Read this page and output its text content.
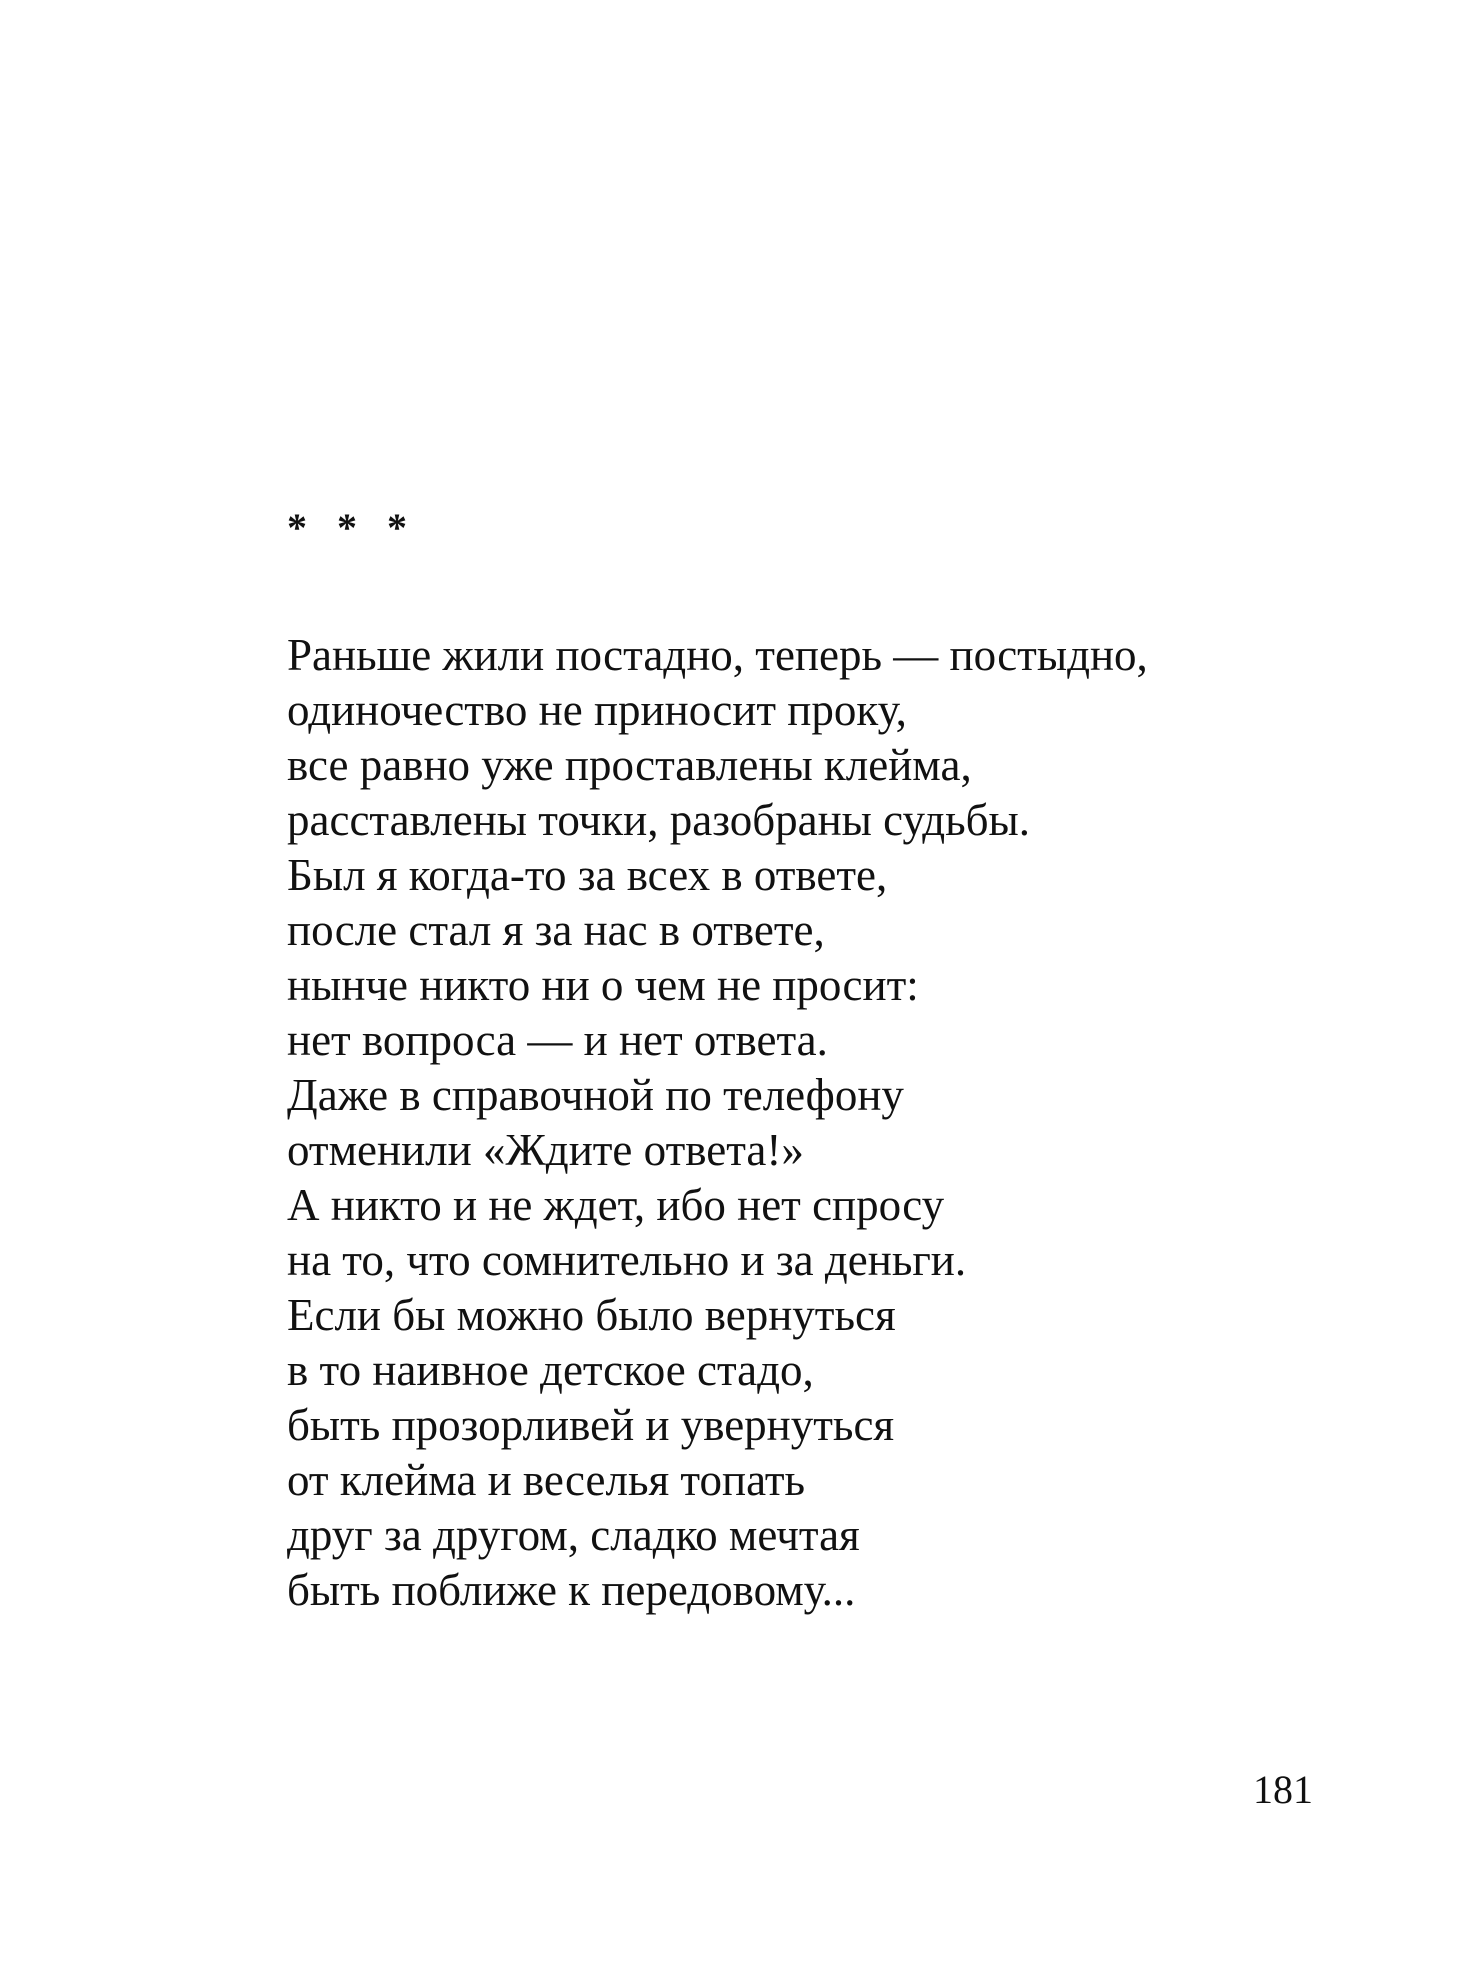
* * *
Раньше жили постадно, теперь — постыдно,
одиночество не приносит проку,
все равно уже проставлены клейма,
расставлены точки, разобраны судьбы.
Был я когда-то за всех в ответе,
после стал я за нас в ответе,
нынче никто ни о чем не просит:
нет вопроса — и нет ответа.
Даже в справочной по телефону
отменили «Ждите ответа!»
А никто и не ждет, ибо нет спросу
на то, что сомнительно и за деньги.
Если бы можно было вернуться
в то наивное детское стадо,
быть прозорливей и увернуться
от клейма и веселья топать
друг за другом, сладко мечтая
быть поближе к передовому...
181
